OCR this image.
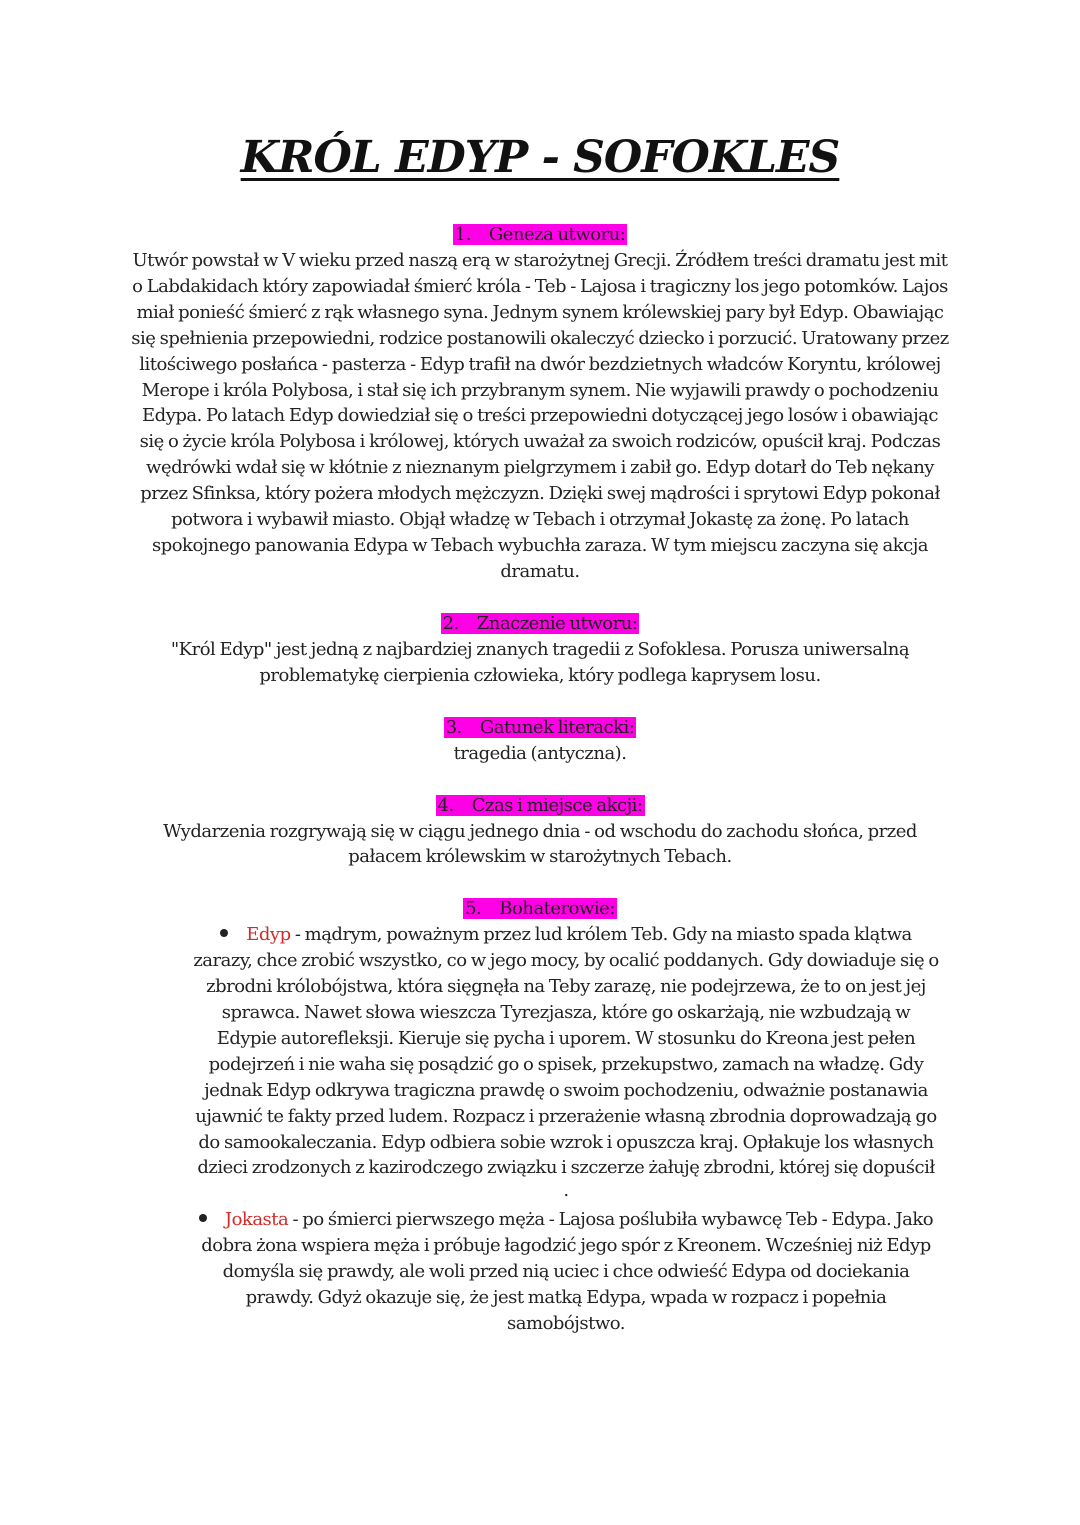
KRÓL EDYP - SOFOKLES
1. Geneza utworu:

Utwór powstał w V wieku przed naszą erą w starożytnej Grecji. Źródłem treści dramatu jest mit o Labdakidach który zapowiadał śmierć króla - Teb - Lajosa i tragiczny los jego potomków. Lajos miał ponieść śmierć z rąk własnego syna. Jednym synem królewskiej pary był Edyp. Obawiając się spełnienia przepowiedni, rodzice postanowili okaleczyć dziecko i porzucić. Uratowany przez litościwego posłańca - pasterza - Edyp trafił na dwór bezdzietnych władców Koryntu, królowej Merope i króla Polybosa, i stał się ich przybranym synem. Nie wyjawili prawdy o pochodzeniu Edypa. Po latach Edyp dowiedział się o treści przepowiedni dotyczącej jego losów i obawiając się o życie króla Polybosa i królowej, których uważał za swoich rodziców, opuścił kraj. Podczas wędrówki wdał się w kłótnie z nieznanym pielgrzymem i zabił go. Edyp dotarł do Teb nękany przez Sfinksa, który pożera młodych mężczyzn. Dzięki swej mądrości i sprytowi Edyp pokonał potwora i wybawił miasto. Objął władzę w Tebach i otrzymał Jokastę za żonę. Po latach spokojnego panowania Edypa w Tebach wybuchła zaraza. W tym miejscu zaczyna się akcja dramatu.

2. Znaczenie utworu:

"Król Edyp" jest jedną z najbardziej znanych tragedii z Sofoklesa. Porusza uniwersalną problematykę cierpienia człowieka, który podlega kaprysem losu.

3. Gatunek literacki:

tragedia (antyczna).

4. Czas i miejsce akcji:

Wydarzenia rozgrywają się w ciągu jednego dnia - od wschodu do zachodu słońca, przed pałacem królewskim w starożytnych Tebach.

5. Bohaterowie:
Edyp - mądrym, poważnym przez lud królem Teb. Gdy na miasto spada klątwa zarazy, chce zrobić wszystko, co w jego mocy, by ocalić poddanych. Gdy dowiaduje się o zbrodni królobójstwa, która sięgnęła na Teby zarazę, nie podejrzewa, że to on jest jej sprawca. Nawet słowa wieszcza Tyrezjasza, które go oskarżają, nie wzbudzają w Edypie autorefleksji. Kieruje się pycha i uporem. W stosunku do Kreona jest pełen podejrzeń i nie waha się posądzić go o spisek, przekupstwo, zamach na władzę. Gdy jednak Edyp odkrywa tragiczna prawdę o swoim pochodzeniu, odważnie postanawia ujawnić te fakty przed ludem. Rozpacz i przerażenie własną zbrodnia doprowadzają go do samookaleczania. Edyp odbiera sobie wzrok i opuszcza kraj. Opłakuje los własnych dzieci zrodzonych z kazirodczego związku i szczerze żałuję zbrodni, której się dopuścił
.
Jokasta - po śmierci pierwszego męża - Lajosa poślubiła wybawcę Teb - Edypa. Jako dobra żona wspiera męża i próbuje łagodzić jego spór z Kreonem. Wcześniej niż Edyp domyśla się prawdy, ale woli przed nią uciec i chce odwieść Edypa od dociekania prawdy. Gdyż okazuje się, że jest matką Edypa, wpada w rozpacz i popełnia samobójstwo.
